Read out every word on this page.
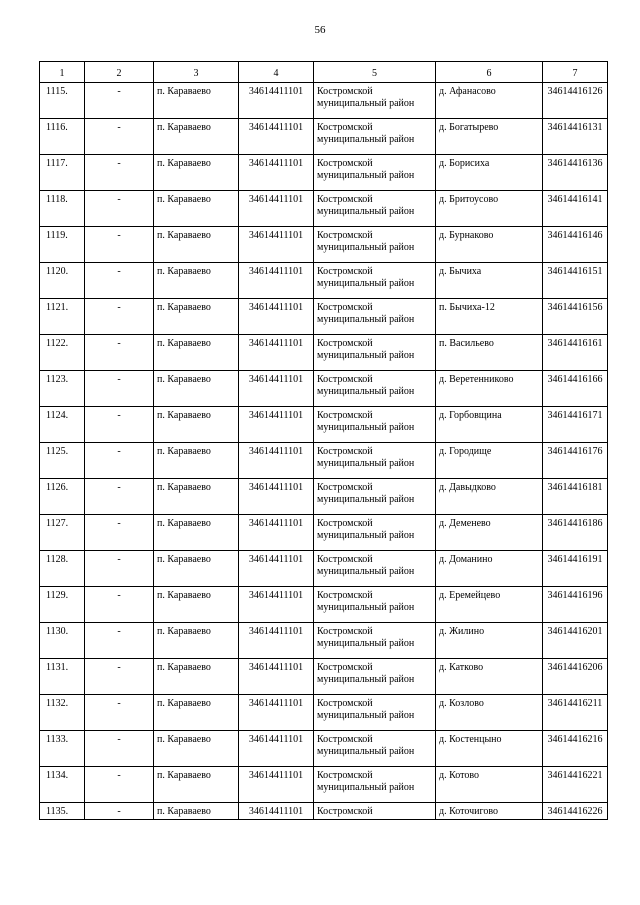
56
1	2	3	4	5	6	7

1115.	-	п. Караваево	34614411101	Костромской
муниципальный район	д. Афанасово	34614416126

1116.	-	п. Караваево	34614411101	Костромской
муниципальный район	д. Богатырево	34614416131

1117.	-	п. Караваево	34614411101	Костромской
муниципальный район	д. Борисиха	34614416136

1118.	-	п. Караваево	34614411101	Костромской
муниципальный район	д. Бритоусово	34614416141

1119.	-	п. Караваево	34614411101	Костромской
муниципальный район	д. Бурнаково	34614416146

1120.	-	п. Караваево	34614411101	Костромской
муниципальный район	д. Бычиха	34614416151

1121.	-	п. Караваево	34614411101	Костромской
муниципальный район	п. Бычиха-12	34614416156

1122.	-	п. Караваево	34614411101	Костромской
муниципальный район	п. Васильево	34614416161

1123.	-	п. Караваево	34614411101	Костромской
муниципальный район	д. Веретенниково	34614416166

1124.	-	п. Караваево	34614411101	Костромской
муниципальный район	д. Горбовщина	34614416171

1125.	-	п. Караваево	34614411101	Костромской
муниципальный район	д. Городище	34614416176

1126.	-	п. Караваево	34614411101	Костромской
муниципальный район	д. Давыдково	34614416181

1127.	-	п. Караваево	34614411101	Костромской
муниципальный район	д. Деменево	34614416186

1128.	-	п. Караваево	34614411101	Костромской
муниципальный район	д. Доманино	34614416191

1129.	-	п. Караваево	34614411101	Костромской
муниципальный район	д. Еремейцево	34614416196

1130.	-	п. Караваево	34614411101	Костромской
муниципальный район	д. Жилино	34614416201

1131.	-	п. Караваево	34614411101	Костромской
муниципальный район	д. Катково	34614416206

1132.	-	п. Караваево	34614411101	Костромской
муниципальный район	д. Козлово	34614416211

1133.	-	п. Караваево	34614411101	Костромской
муниципальный район	д. Костенцыно	34614416216

1134.	-	п. Караваево	34614411101	Костромской
муниципальный район	д. Котово	34614416221

1135.	-	п. Караваево	34614411101	Костромской	д. Коточигово	34614416226
